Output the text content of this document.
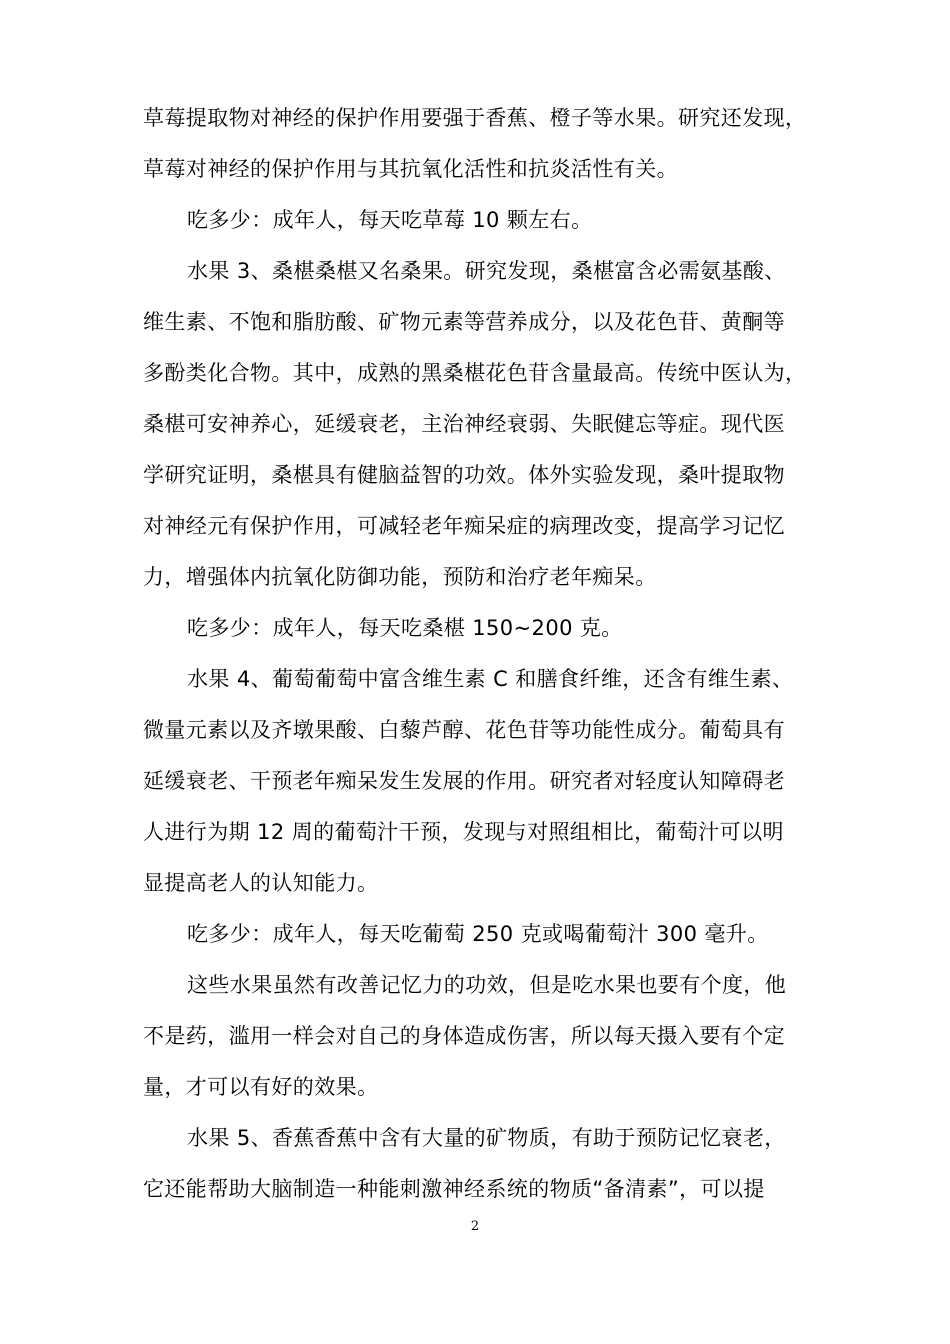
草莓提取物对神经的保护作用要强于香蕉、橙子等水果。研究还发现，
草莓对神经的保护作用与其抗氧化活性和抗炎活性有关。
吃多少：成年人，每天吃草莓 10 颗左右。
水果 3、桑椹桑椹又名桑果。研究发现，桑椹富含必需氨基酸、
维生素、不饱和脂肪酸、矿物元素等营养成分，以及花色苷、黄酮等
多酚类化合物。其中，成熟的黑桑椹花色苷含量最高。传统中医认为，
桑椹可安神养心，延缓衰老，主治神经衰弱、失眠健忘等症。现代医
学研究证明，桑椹具有健脑益智的功效。体外实验发现，桑叶提取物
对神经元有保护作用，可减轻老年痴呆症的病理改变，提高学习记忆
力，增强体内抗氧化防御功能，预防和治疗老年痴呆。
吃多少：成年人，每天吃桑椹 150~200 克。
水果 4、葡萄葡萄中富含维生素 C 和膳食纤维，还含有维生素、
微量元素以及齐墩果酸、白藜芦醇、花色苷等功能性成分。葡萄具有
延缓衰老、干预老年痴呆发生发展的作用。研究者对轻度认知障碍老
人进行为期 12 周的葡萄汁干预，发现与对照组相比，葡萄汁可以明
显提高老人的认知能力。
吃多少：成年人，每天吃葡萄 250 克或喝葡萄汁 300 毫升。
这些水果虽然有改善记忆力的功效，但是吃水果也要有个度，他
不是药，滥用一样会对自己的身体造成伤害，所以每天摄入要有个定
量，才可以有好的效果。
水果 5、香蕉香蕉中含有大量的矿物质，有助于预防记忆衰老，
它还能帮助大脑制造一种能刺激神经系统的物质“备清素”，可以提
2
